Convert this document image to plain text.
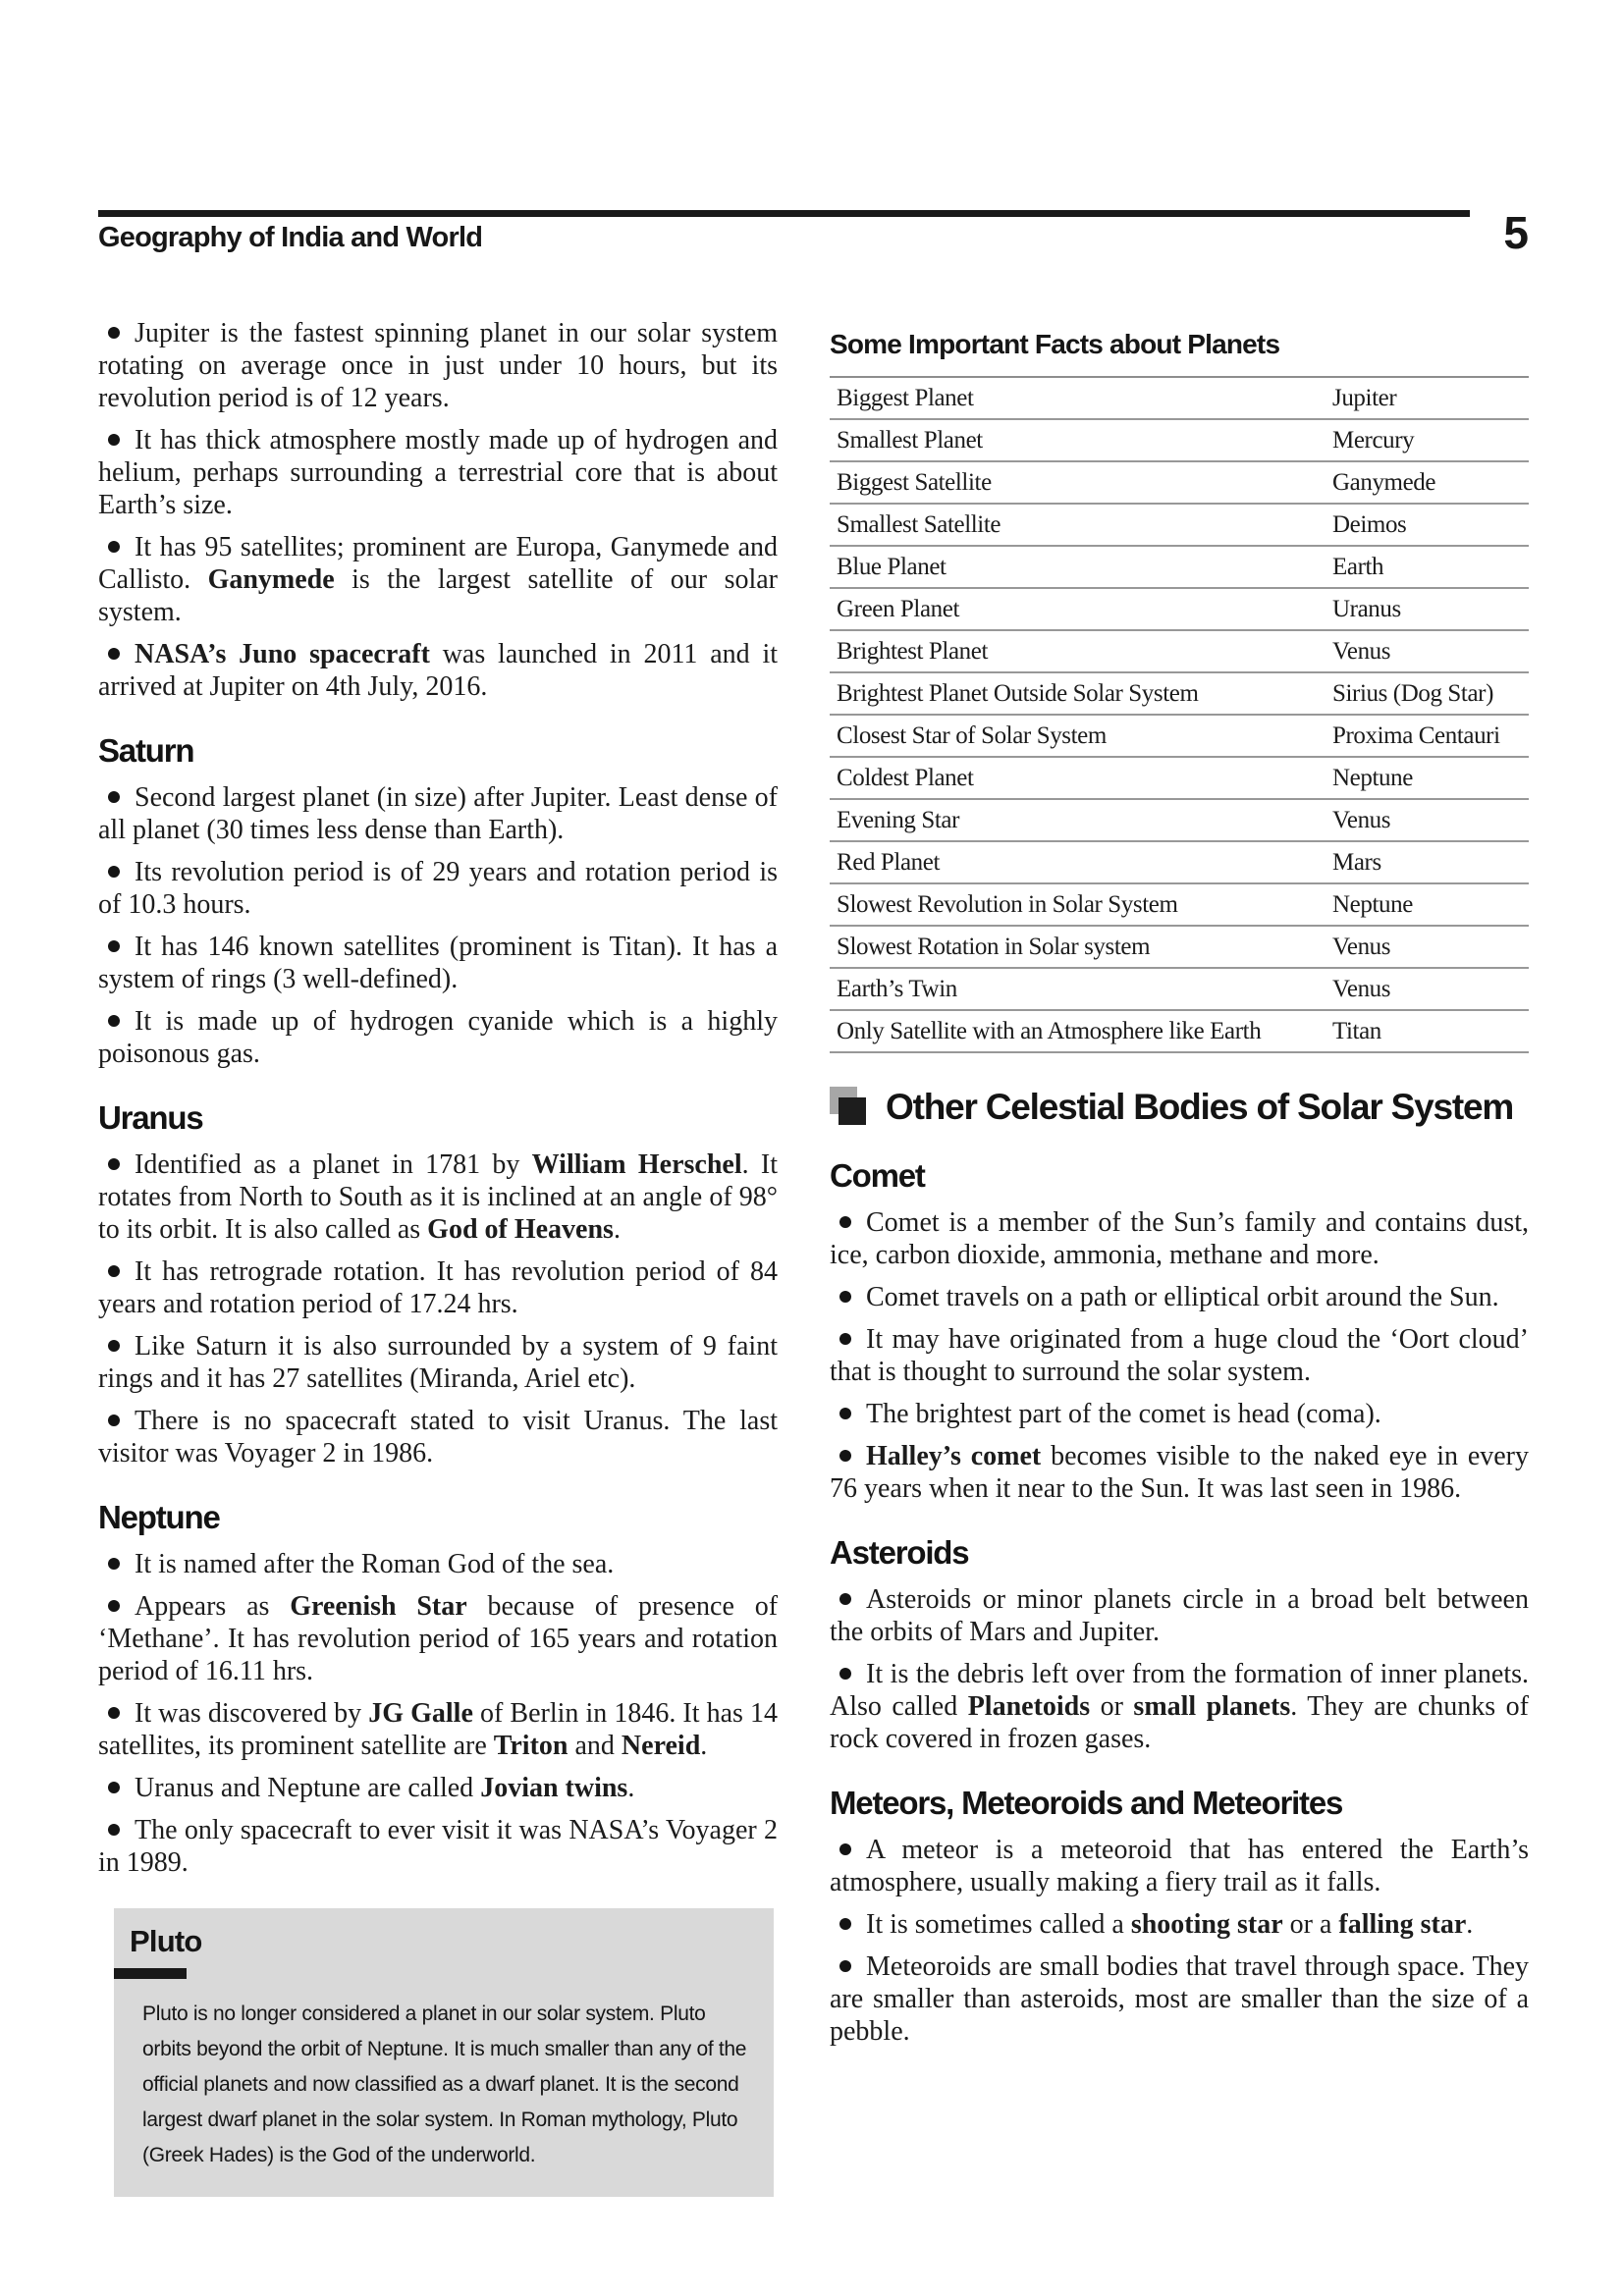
Geography of India and World	5

Jupiter is the fastest spinning planet in our solar system rotating on average once in just under 10 hours, but its revolution period is of 12 years.

It has thick atmosphere mostly made up of hydrogen and helium, perhaps surrounding a terrestrial core that is about Earth’s size.

It has 95 satellites; prominent are Europa, Ganymede and Callisto. Ganymede is the largest satellite of our solar system.

NASA’s Juno spacecraft was launched in 2011 and it arrived at Jupiter on 4th July, 2016.

Saturn

Second largest planet (in size) after Jupiter. Least dense of all planet (30 times less dense than Earth).

Its revolution period is of 29 years and rotation period is of 10.3 hours.

It has 146 known satellites (prominent is Titan). It has a system of rings (3 well-defined).

It is made up of hydrogen cyanide which is a highly poisonous gas.

Uranus

Identified as a planet in 1781 by William Herschel. It rotates from North to South as it is inclined at an angle of 98° to its orbit. It is also called as God of Heavens.

It has retrograde rotation. It has revolution period of 84 years and rotation period of 17.24 hrs.

Like Saturn it is also surrounded by a system of 9 faint rings and it has 27 satellites (Miranda, Ariel etc).

There is no spacecraft stated to visit Uranus. The last visitor was Voyager 2 in 1986.

Neptune

It is named after the Roman God of the sea.

Appears as Greenish Star because of presence of ‘Methane’. It has revolution period of 165 years and rotation period of 16.11 hrs.

It was discovered by JG Galle of Berlin in 1846. It has 14 satellites, its prominent satellite are Triton and Nereid.

Uranus and Neptune are called Jovian twins.

The only spacecraft to ever visit it was NASA’s Voyager 2 in 1989.

Pluto

Pluto is no longer considered a planet in our solar system. Pluto orbits beyond the orbit of Neptune. It is much smaller than any of the official planets and now classified as a dwarf planet. It is the second largest dwarf planet in the solar system. In Roman mythology, Pluto (Greek Hades) is the God of the underworld.

Some Important Facts about Planets
Biggest Planet	Jupiter
Smallest Planet	Mercury
Biggest Satellite	Ganymede
Smallest Satellite	Deimos
Blue Planet	Earth
Green Planet	Uranus
Brightest Planet	Venus
Brightest Planet Outside Solar System	Sirius (Dog Star)
Closest Star of Solar System	Proxima Centauri
Coldest Planet	Neptune
Evening Star	Venus
Red Planet	Mars
Slowest Revolution in Solar System	Neptune
Slowest Rotation in Solar system	Venus
Earth’s Twin	Venus
Only Satellite with an Atmosphere like Earth	Titan
Other Celestial Bodies of Solar System
Comet

Comet is a member of the Sun’s family and contains dust, ice, carbon dioxide, ammonia, methane and more.

Comet travels on a path or elliptical orbit around the Sun.

It may have originated from a huge cloud the ‘Oort cloud’ that is thought to surround the solar system.

The brightest part of the comet is head (coma).

Halley’s comet becomes visible to the naked eye in every 76 years when it near to the Sun. It was last seen in 1986.

Asteroids

Asteroids or minor planets circle in a broad belt between the orbits of Mars and Jupiter.

It is the debris left over from the formation of inner planets. Also called Planetoids or small planets. They are chunks of rock covered in frozen gases.

Meteors, Meteoroids and Meteorites

A meteor is a meteoroid that has entered the Earth’s atmosphere, usually making a fiery trail as it falls.

It is sometimes called a shooting star or a falling star.

Meteoroids are small bodies that travel through space. They are smaller than asteroids, most are smaller than the size of a pebble.
